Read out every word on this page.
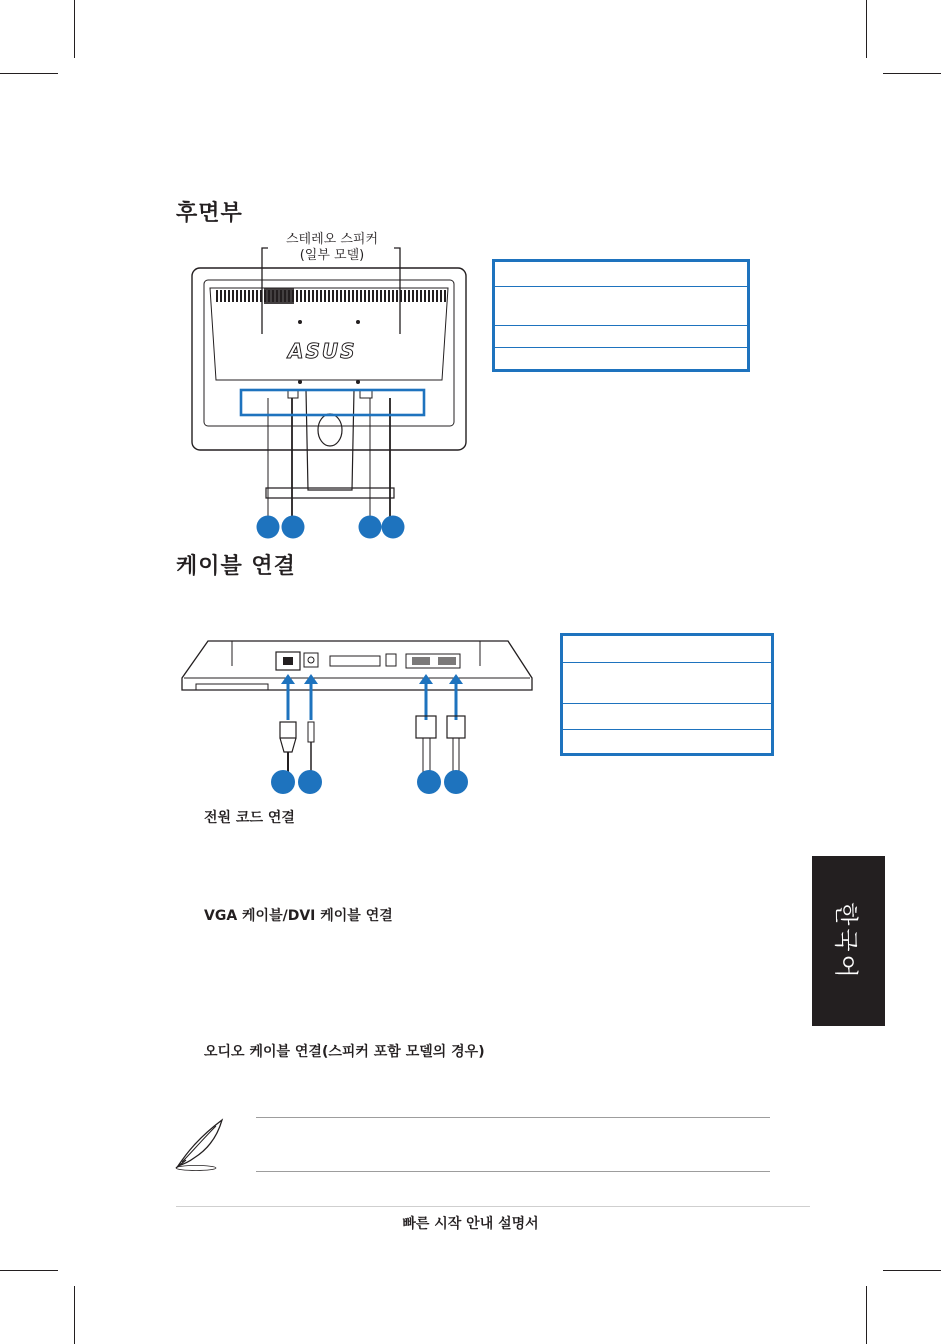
후면부
스테레오 스피커
(일부 모델)
ASUS
케이블 연결
전원 코드 연결
VGA 케이블/DVI 케이블 연결
오디오 케이블 연결(스피커 포함 모델의 경우)
한국어
빠른 시작 안내 설명서
